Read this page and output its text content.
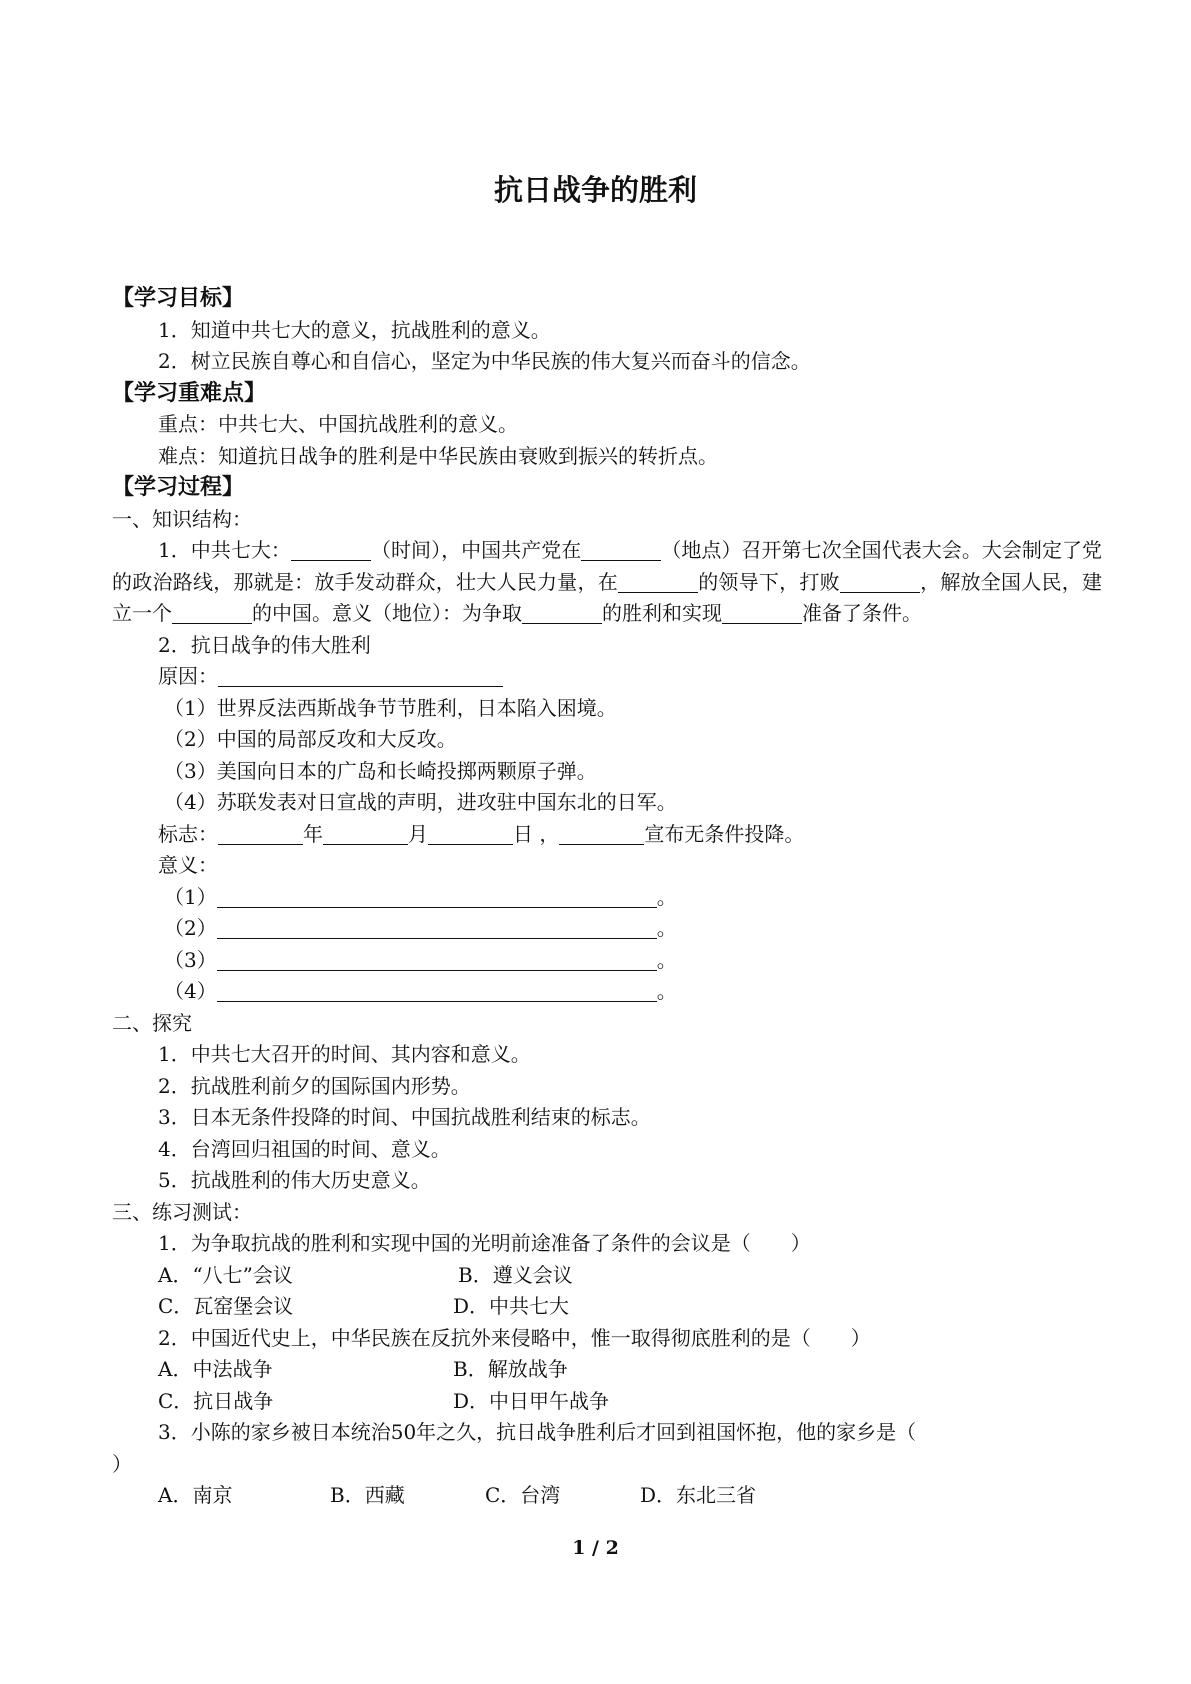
抗日战争的胜利
【学习目标】
1．知道中共七大的意义，抗战胜利的意义。
2．树立民族自尊心和自信心，坚定为中华民族的伟大复兴而奋斗的信念。
【学习重难点】
重点：中共七大、中国抗战胜利的意义。
难点：知道抗日战争的胜利是中华民族由衰败到振兴的转折点。
【学习过程】
一、知识结构：
1．中共七大：	（时间），中国共产党在	（地点）召开第七次全国代表大会。大会制定了党的政治路线，那就是：放手发动群众，壮大人民力量，在	的领导下，打败	，解放全国人民，建立一个	的中国。意义（地位）：为争取	的胜利和实现	准备了条件。
2．抗日战争的伟大胜利
原因：
（1）世界反法西斯战争节节胜利，日本陷入困境。
（2）中国的局部反攻和大反攻。
（3）美国向日本的广岛和长崎投掷两颗原子弹。
（4）苏联发表对日宣战的声明，进攻驻中国东北的日军。
标志：	年	月	日 ，	宣布无条件投降。
意义：
（1）	。
（2）	。
（3）	。
（4）	。
二、探究
1．中共七大召开的时间、其内容和意义。
2．抗战胜利前夕的国际国内形势。
3．日本无条件投降的时间、中国抗战胜利结束的标志。
4．台湾回归祖国的时间、意义。
5．抗战胜利的伟大历史意义。
三、练习测试：
1．为争取抗战的胜利和实现中国的光明前途准备了条件的会议是（　　）
A．“八七”会议	B．遵义会议
C．瓦窑堡会议	D．中共七大
2．中国近代史上，中华民族在反抗外来侵略中，惟一取得彻底胜利的是（　　）
A．中法战争	B．解放战争
C．抗日战争	D．中日甲午战争
3．小陈的家乡被日本统治50年之久，抗日战争胜利后才回到祖国怀抱，他的家乡是（
）
A．南京	B．西藏	C．台湾	D．东北三省
1 / 2
